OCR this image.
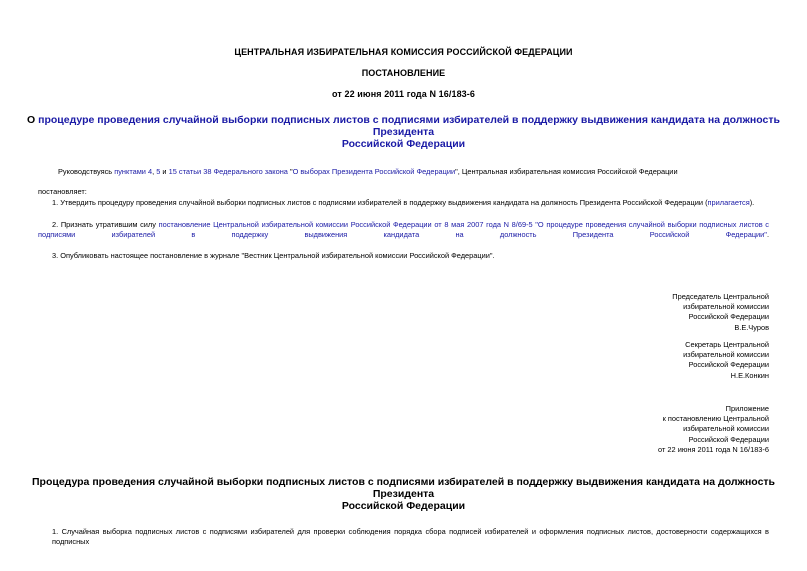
ЦЕНТРАЛЬНАЯ ИЗБИРАТЕЛЬНАЯ КОМИССИЯ РОССИЙСКОЙ ФЕДЕРАЦИИ
ПОСТАНОВЛЕНИЕ
от 22 июня 2011 года N 16/183-6
О процедуре проведения случайной выборки подписных листов с подписями избирателей в поддержку выдвижения кандидата на должность Президента
Российской Федерации
Руководствуясь пунктами 4, 5 и 15 статьи 38 Федерального закона "О выборах Президента Российской Федерации", Центральная избирательная комиссия Российской Федерации
постановляет:
1. Утвердить процедуру проведения случайной выборки подписных листов с подписями избирателей в поддержку выдвижения кандидата на должность Президента Российской Федерации (прилагается).
2. Признать утратившим силу постановление Центральной избирательной комиссии Российской Федерации от 8 мая 2007 года N 8/69-5 "О процедуре проведения случайной выборки подписных листов с подписями избирателей в поддержку выдвижения кандидата на должность Президента Российской Федерации".
3. Опубликовать настоящее постановление в журнале "Вестник Центральной избирательной комиссии Российской Федерации".
Председатель Центральной
избирательной комиссии
Российской Федерации
В.Е.Чуров
Секретарь Центральной
избирательной комиссии
Российской Федерации
Н.Е.Конкин
Приложение
к постановлению Центральной
избирательной комиссии
Российской Федерации
от 22 июня 2011 года N 16/183-6
Процедура проведения случайной выборки подписных листов с подписями избирателей в поддержку выдвижения кандидата на должность Президента
Российской Федерации
1. Случайная выборка подписных листов с подписями избирателей для проверки соблюдения порядка сбора подписей избирателей и оформления подписных листов, достоверности содержащихся в подписных
